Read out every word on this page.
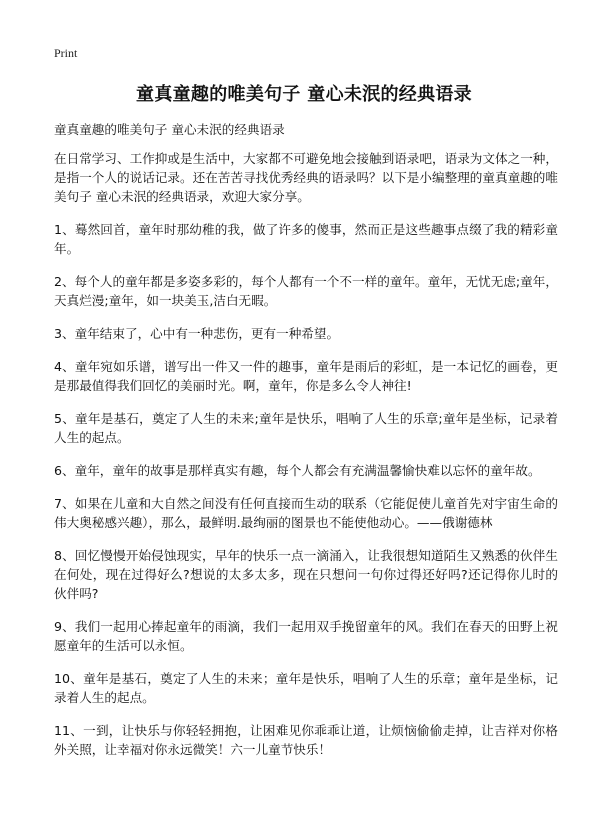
Print
童真童趣的唯美句子 童心未泯的经典语录

童真童趣的唯美句子 童心未泯的经典语录

在日常学习、工作抑或是生活中，大家都不可避免地会接触到语录吧，语录为文体之一种，是指一个人的说话记录。还在苦苦寻找优秀经典的语录吗？以下是小编整理的童真童趣的唯美句子 童心未泯的经典语录，欢迎大家分享。

1、蓦然回首，童年时那幼稚的我，做了许多的傻事，然而正是这些趣事点缀了我的精彩童年。

2、每个人的童年都是多姿多彩的，每个人都有一个不一样的童年。童年，无忧无虑;童年，天真烂漫;童年，如一块美玉,洁白无暇。

3、童年结束了，心中有一种悲伤，更有一种希望。

4、童年宛如乐谱，谱写出一件又一件的趣事，童年是雨后的彩虹，是一本记忆的画卷，更是那最值得我们回忆的美丽时光。啊，童年，你是多么令人神往!

5、童年是基石，奠定了人生的未来;童年是快乐，唱响了人生的乐章;童年是坐标，记录着人生的起点。

6、童年，童年的故事是那样真实有趣，每个人都会有充满温馨愉快难以忘怀的童年故。

7、如果在儿童和大自然之间没有任何直接而生动的联系（它能促使儿童首先对宇宙生命的伟大奥秘感兴趣），那么，最鲜明.最绚丽的图景也不能使他动心。——俄谢德林

8、回忆慢慢开始侵蚀现实，早年的快乐一点一滴涌入，让我很想知道陌生又熟悉的伙伴生在何处，现在过得好么?想说的太多太多，现在只想问一句你过得还好吗?还记得你儿时的伙伴吗?

9、我们一起用心捧起童年的雨滴，我们一起用双手挽留童年的风。我们在春天的田野上祝愿童年的生活可以永恒。

10、童年是基石，奠定了人生的未来；童年是快乐，唱响了人生的乐章；童年是坐标，记录着人生的起点。

11、一到，让快乐与你轻轻拥抱，让困难见你乖乖让道，让烦恼偷偷走掉，让吉祥对你格外关照，让幸福对你永远微笑！六一儿童节快乐！
